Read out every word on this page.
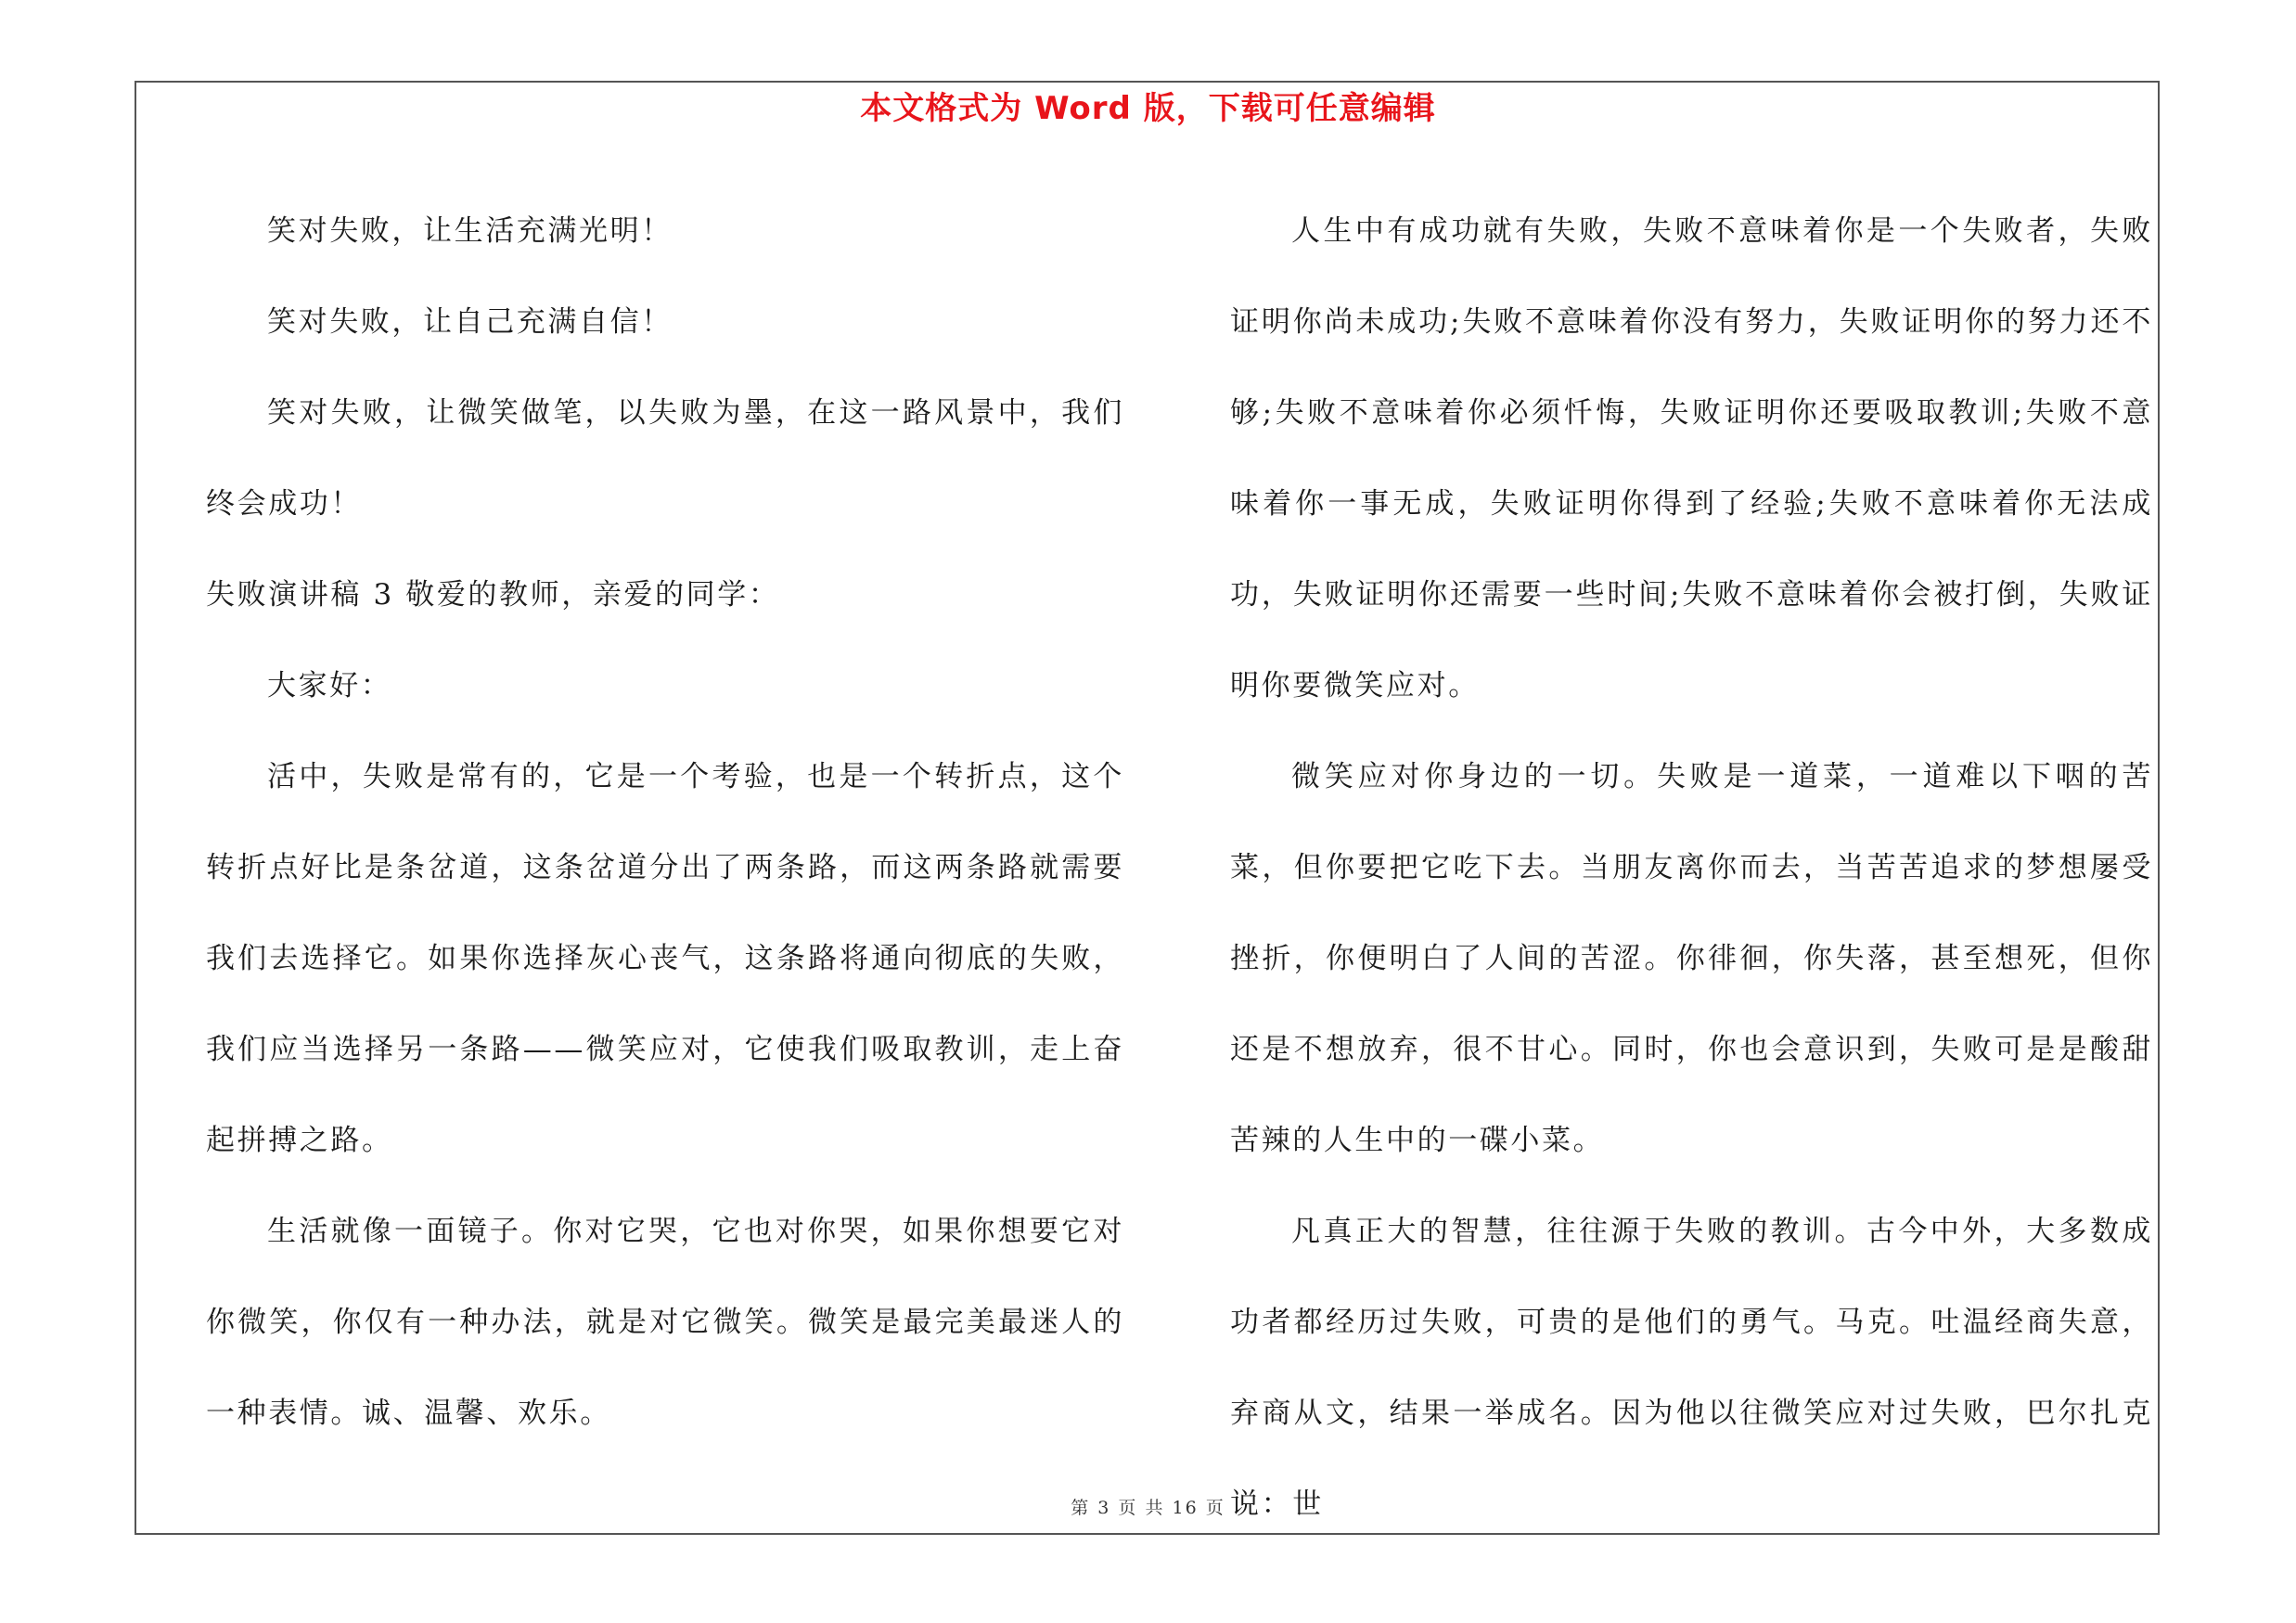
本文格式为 Word 版，下载可任意编辑

笑对失败，让生活充满光明！

笑对失败，让自己充满自信！

笑对失败，让微笑做笔，以失败为墨，在这一路风景中，我们终会成功！

失败演讲稿 3 敬爱的教师，亲爱的同学：

大家好：

活中，失败是常有的，它是一个考验，也是一个转折点，这个转折点好比是条岔道，这条岔道分出了两条路，而这两条路就需要我们去选择它。如果你选择灰心丧气，这条路将通向彻底的失败，我们应当选择另一条路——微笑应对，它使我们吸取教训，走上奋起拼搏之路。

生活就像一面镜子。你对它哭，它也对你哭，如果你想要它对你微笑，你仅有一种办法，就是对它微笑。微笑是最完美最迷人的一种表情。诚、温馨、欢乐。

人生中有成功就有失败，失败不意味着你是一个失败者，失败证明你尚未成功;失败不意味着你没有努力，失败证明你的努力还不够;失败不意味着你必须忏悔，失败证明你还要吸取教训;失败不意味着你一事无成，失败证明你得到了经验;失败不意味着你无法成功，失败证明你还需要一些时间;失败不意味着你会被打倒，失败证明你要微笑应对。

微笑应对你身边的一切。失败是一道菜，一道难以下咽的苦菜，但你要把它吃下去。当朋友离你而去，当苦苦追求的梦想屡受挫折，你便明白了人间的苦涩。你徘徊，你失落，甚至想死，但你还是不想放弃，很不甘心。同时，你也会意识到，失败可是是酸甜苦辣的人生中的一碟小菜。

凡真正大的智慧，往往源于失败的教训。古今中外，大多数成功者都经历过失败，可贵的是他们的勇气。马克。吐温经商失意，弃商从文，结果一举成名。因为他以往微笑应对过失败，巴尔扎克说：世

第 3 页 共 16 页
